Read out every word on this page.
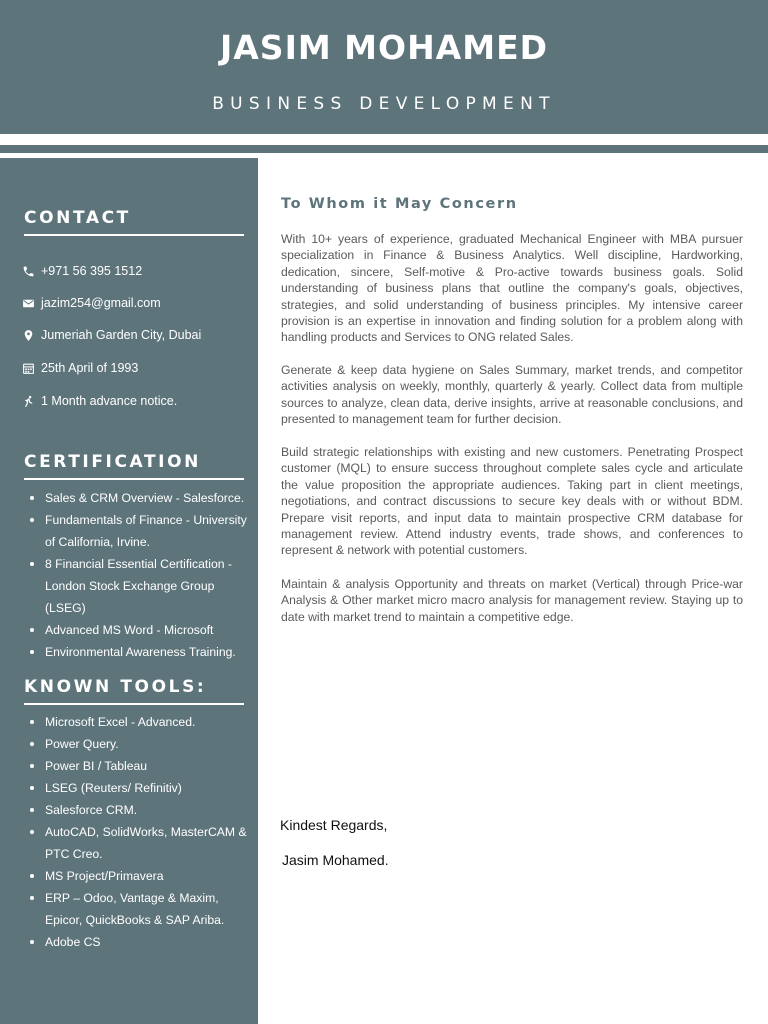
JASIM MOHAMED
BUSINESS DEVELOPMENT
CONTACT
+971 56 395 1512
jazim254@gmail.com
Jumeriah Garden City, Dubai
25th April of 1993
1 Month advance notice.
CERTIFICATION
Sales & CRM Overview - Salesforce.
Fundamentals of Finance - University of California, Irvine.
8 Financial Essential Certification - London Stock Exchange Group (LSEG)
Advanced MS Word - Microsoft
Environmental Awareness Training.
KNOWN TOOLS:
Microsoft Excel - Advanced.
Power Query.
Power BI / Tableau
LSEG (Reuters/ Refinitiv)
Salesforce CRM.
AutoCAD, SolidWorks, MasterCAM & PTC Creo.
MS Project/Primavera
ERP – Odoo, Vantage & Maxim, Epicor, QuickBooks & SAP Ariba.
Adobe CS
To Whom it May Concern

With 10+ years of experience, graduated Mechanical Engineer with MBA pursuer specialization in Finance & Business Analytics. Well discipline, Hardworking, dedication, sincere, Self-motive & Pro-active towards business goals. Solid understanding of business plans that outline the company's goals, objectives, strategies, and solid understanding of business principles. My intensive career provision is an expertise in innovation and finding solution for a problem along with handling products and Services to ONG related Sales.

Generate & keep data hygiene on Sales Summary, market trends, and competitor activities analysis on weekly, monthly, quarterly & yearly. Collect data from multiple sources to analyze, clean data, derive insights, arrive at reasonable conclusions, and presented to management team for further decision.

Build strategic relationships with existing and new customers. Penetrating Prospect customer (MQL) to ensure success throughout complete sales cycle and articulate the value proposition the appropriate audiences. Taking part in client meetings, negotiations, and contract discussions to secure key deals with or without BDM. Prepare visit reports, and input data to maintain prospective CRM database for management review. Attend industry events, trade shows, and conferences to represent & network with potential customers.

Maintain & analysis Opportunity and threats on market (Vertical) through Price-war Analysis & Other market micro macro analysis for management review. Staying up to date with market trend to maintain a competitive edge.

Kindest Regards,
Jasim Mohamed.
